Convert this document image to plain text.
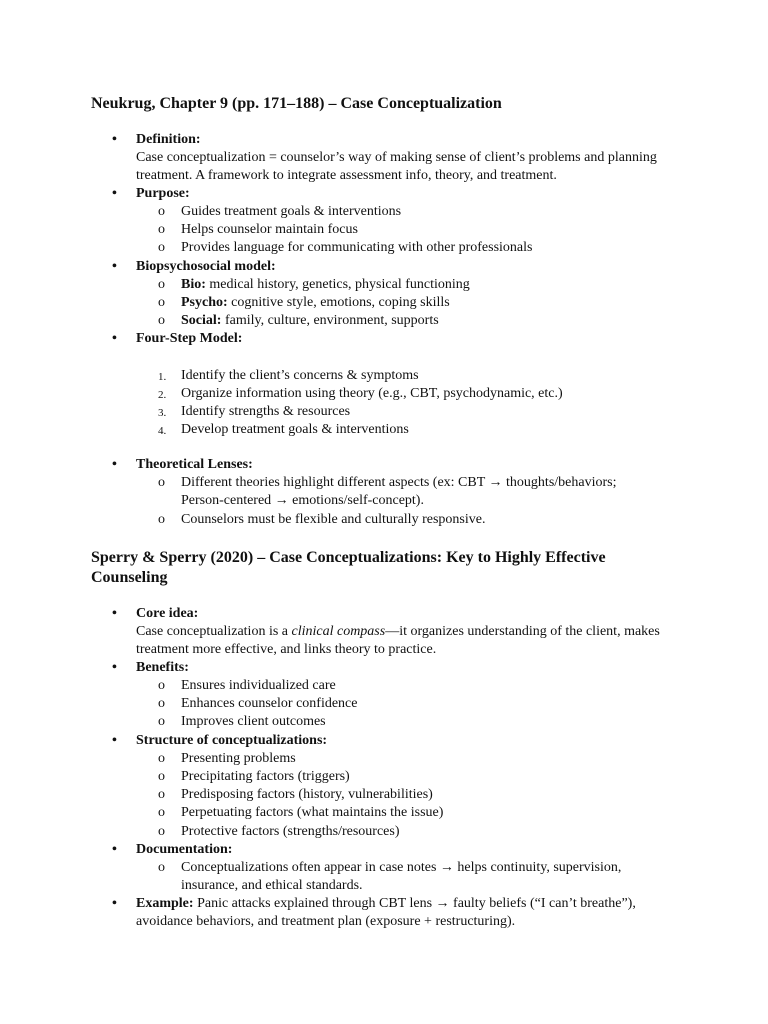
Neukrug, Chapter 9 (pp. 171–188) – Case Conceptualization
• Definition:
Case conceptualization = counselor’s way of making sense of client’s problems and planning treatment. A framework to integrate assessment info, theory, and treatment.
• Purpose:
o Guides treatment goals & interventions
o Helps counselor maintain focus
o Provides language for communicating with other professionals
• Biopsychosocial model:
o Bio: medical history, genetics, physical functioning
o Psycho: cognitive style, emotions, coping skills
o Social: family, culture, environment, supports
• Four-Step Model:
1. Identify the client’s concerns & symptoms
2. Organize information using theory (e.g., CBT, psychodynamic, etc.)
3. Identify strengths & resources
4. Develop treatment goals & interventions
• Theoretical Lenses:
o Different theories highlight different aspects (ex: CBT → thoughts/behaviors; Person-centered → emotions/self-concept).
o Counselors must be flexible and culturally responsive.
Sperry & Sperry (2020) – Case Conceptualizations: Key to Highly Effective Counseling
• Core idea:
Case conceptualization is a clinical compass—it organizes understanding of the client, makes treatment more effective, and links theory to practice.
• Benefits:
o Ensures individualized care
o Enhances counselor confidence
o Improves client outcomes
• Structure of conceptualizations:
o Presenting problems
o Precipitating factors (triggers)
o Predisposing factors (history, vulnerabilities)
o Perpetuating factors (what maintains the issue)
o Protective factors (strengths/resources)
• Documentation:
o Conceptualizations often appear in case notes → helps continuity, supervision, insurance, and ethical standards.
• Example: Panic attacks explained through CBT lens → faulty beliefs (“I can’t breathe”), avoidance behaviors, and treatment plan (exposure + restructuring).
